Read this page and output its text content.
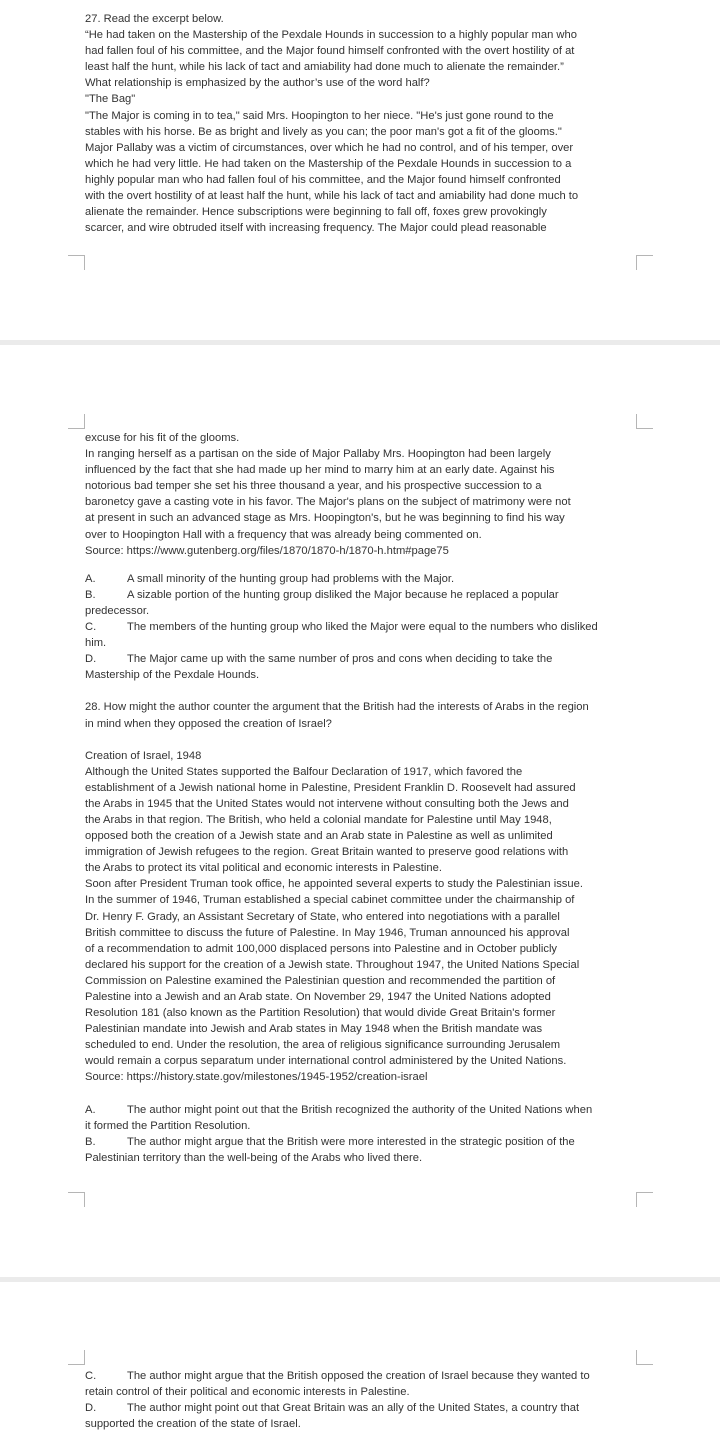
27. Read the excerpt below.

“He had taken on the Mastership of the Pexdale Hounds in succession to a highly popular man who

had fallen foul of his committee, and the Major found himself confronted with the overt hostility of at

least half the hunt, while his lack of tact and amiability had done much to alienate the remainder.”

What relationship is emphasized by the author’s use of the word half?

"The Bag"

"The Major is coming in to tea," said Mrs. Hoopington to her niece. "He's just gone round to the

stables with his horse. Be as bright and lively as you can; the poor man's got a fit of the glooms."

Major Pallaby was a victim of circumstances, over which he had no control, and of his temper, over

which he had very little. He had taken on the Mastership of the Pexdale Hounds in succession to a

highly popular man who had fallen foul of his committee, and the Major found himself confronted

with the overt hostility of at least half the hunt, while his lack of tact and amiability had done much to

alienate the remainder. Hence subscriptions were beginning to fall off, foxes grew provokingly

scarcer, and wire obtruded itself with increasing frequency. The Major could plead reasonable

excuse for his fit of the glooms.

In ranging herself as a partisan on the side of Major Pallaby Mrs. Hoopington had been largely

influenced by the fact that she had made up her mind to marry him at an early date. Against his

notorious bad temper she set his three thousand a year, and his prospective succession to a

baronetcy gave a casting vote in his favor. The Major's plans on the subject of matrimony were not

at present in such an advanced stage as Mrs. Hoopington's, but he was beginning to find his way

over to Hoopington Hall with a frequency that was already being commented on.

Source: https://www.gutenberg.org/files/1870/1870-h/1870-h.htm#page75

A.	A small minority of the hunting group had problems with the Major.
B.	A sizable portion of the hunting group disliked the Major because he replaced a popular
predecessor.
C.	The members of the hunting group who liked the Major were equal to the numbers who disliked
him.
D.	The Major came up with the same number of pros and cons when deciding to take the
Mastership of the Pexdale Hounds.

28. How might the author counter the argument that the British had the interests of Arabs in the region

in mind when they opposed the creation of Israel?

Creation of Israel, 1948

Although the United States supported the Balfour Declaration of 1917, which favored the

establishment of a Jewish national home in Palestine, President Franklin D. Roosevelt had assured

the Arabs in 1945 that the United States would not intervene without consulting both the Jews and

the Arabs in that region. The British, who held a colonial mandate for Palestine until May 1948,

opposed both the creation of a Jewish state and an Arab state in Palestine as well as unlimited

immigration of Jewish refugees to the region. Great Britain wanted to preserve good relations with

the Arabs to protect its vital political and economic interests in Palestine.

Soon after President Truman took office, he appointed several experts to study the Palestinian issue.

In the summer of 1946, Truman established a special cabinet committee under the chairmanship of

Dr. Henry F. Grady, an Assistant Secretary of State, who entered into negotiations with a parallel

British committee to discuss the future of Palestine. In May 1946, Truman announced his approval

of a recommendation to admit 100,000 displaced persons into Palestine and in October publicly

declared his support for the creation of a Jewish state. Throughout 1947, the United Nations Special

Commission on Palestine examined the Palestinian question and recommended the partition of

Palestine into a Jewish and an Arab state. On November 29, 1947 the United Nations adopted

Resolution 181 (also known as the Partition Resolution) that would divide Great Britain's former

Palestinian mandate into Jewish and Arab states in May 1948 when the British mandate was

scheduled to end. Under the resolution, the area of religious significance surrounding Jerusalem

would remain a corpus separatum under international control administered by the United Nations.

Source: https://history.state.gov/milestones/1945-1952/creation-israel

A.	The author might point out that the British recognized the authority of the United Nations when
it formed the Partition Resolution.
B.	The author might argue that the British were more interested in the strategic position of the
Palestinian territory than the well-being of the Arabs who lived there.
C.	The author might argue that the British opposed the creation of Israel because they wanted to
retain control of their political and economic interests in Palestine.
D.	The author might point out that Great Britain was an ally of the United States, a country that
supported the creation of the state of Israel.
